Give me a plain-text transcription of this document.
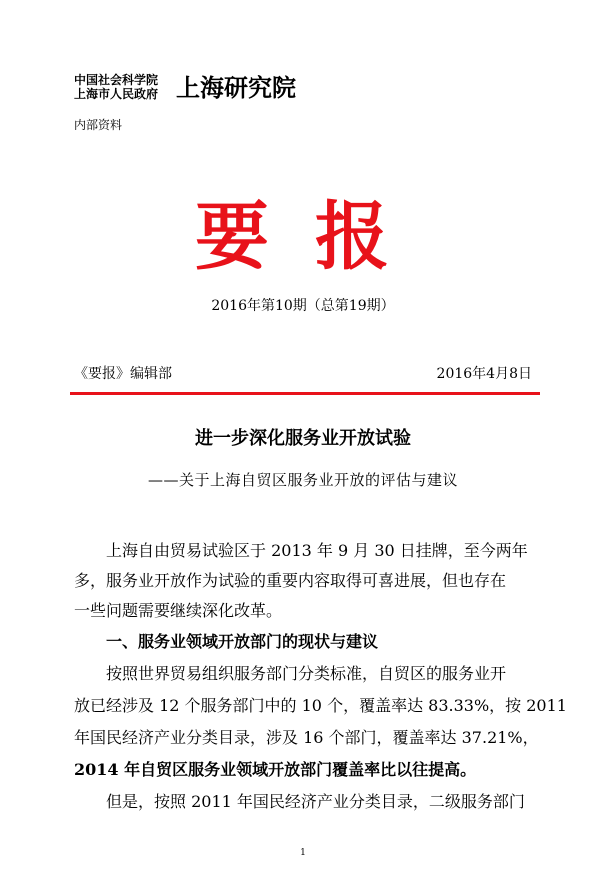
中国社会科学院
上海市人民政府 上海研究院
内部资料
要报
2016年第10期（总第19期）
《要报》编辑部	2016年4月8日
进一步深化服务业开放试验
——关于上海自贸区服务业开放的评估与建议
　　上海自由贸易试验区于 2013 年 9 月 30 日挂牌，至今两年
多，服务业开放作为试验的重要内容取得可喜进展，但也存在
一些问题需要继续深化改革。
一、服务业领域开放部门的现状与建议
　　按照世界贸易组织服务部门分类标准，自贸区的服务业开
放已经涉及 12 个服务部门中的 10 个，覆盖率达 83.33%，按 2011
年国民经济产业分类目录，涉及 16 个部门，覆盖率达 37.21%，
2014 年自贸区服务业领域开放部门覆盖率比以往提高。
　　但是，按照 2011 年国民经济产业分类目录，二级服务部门
1
